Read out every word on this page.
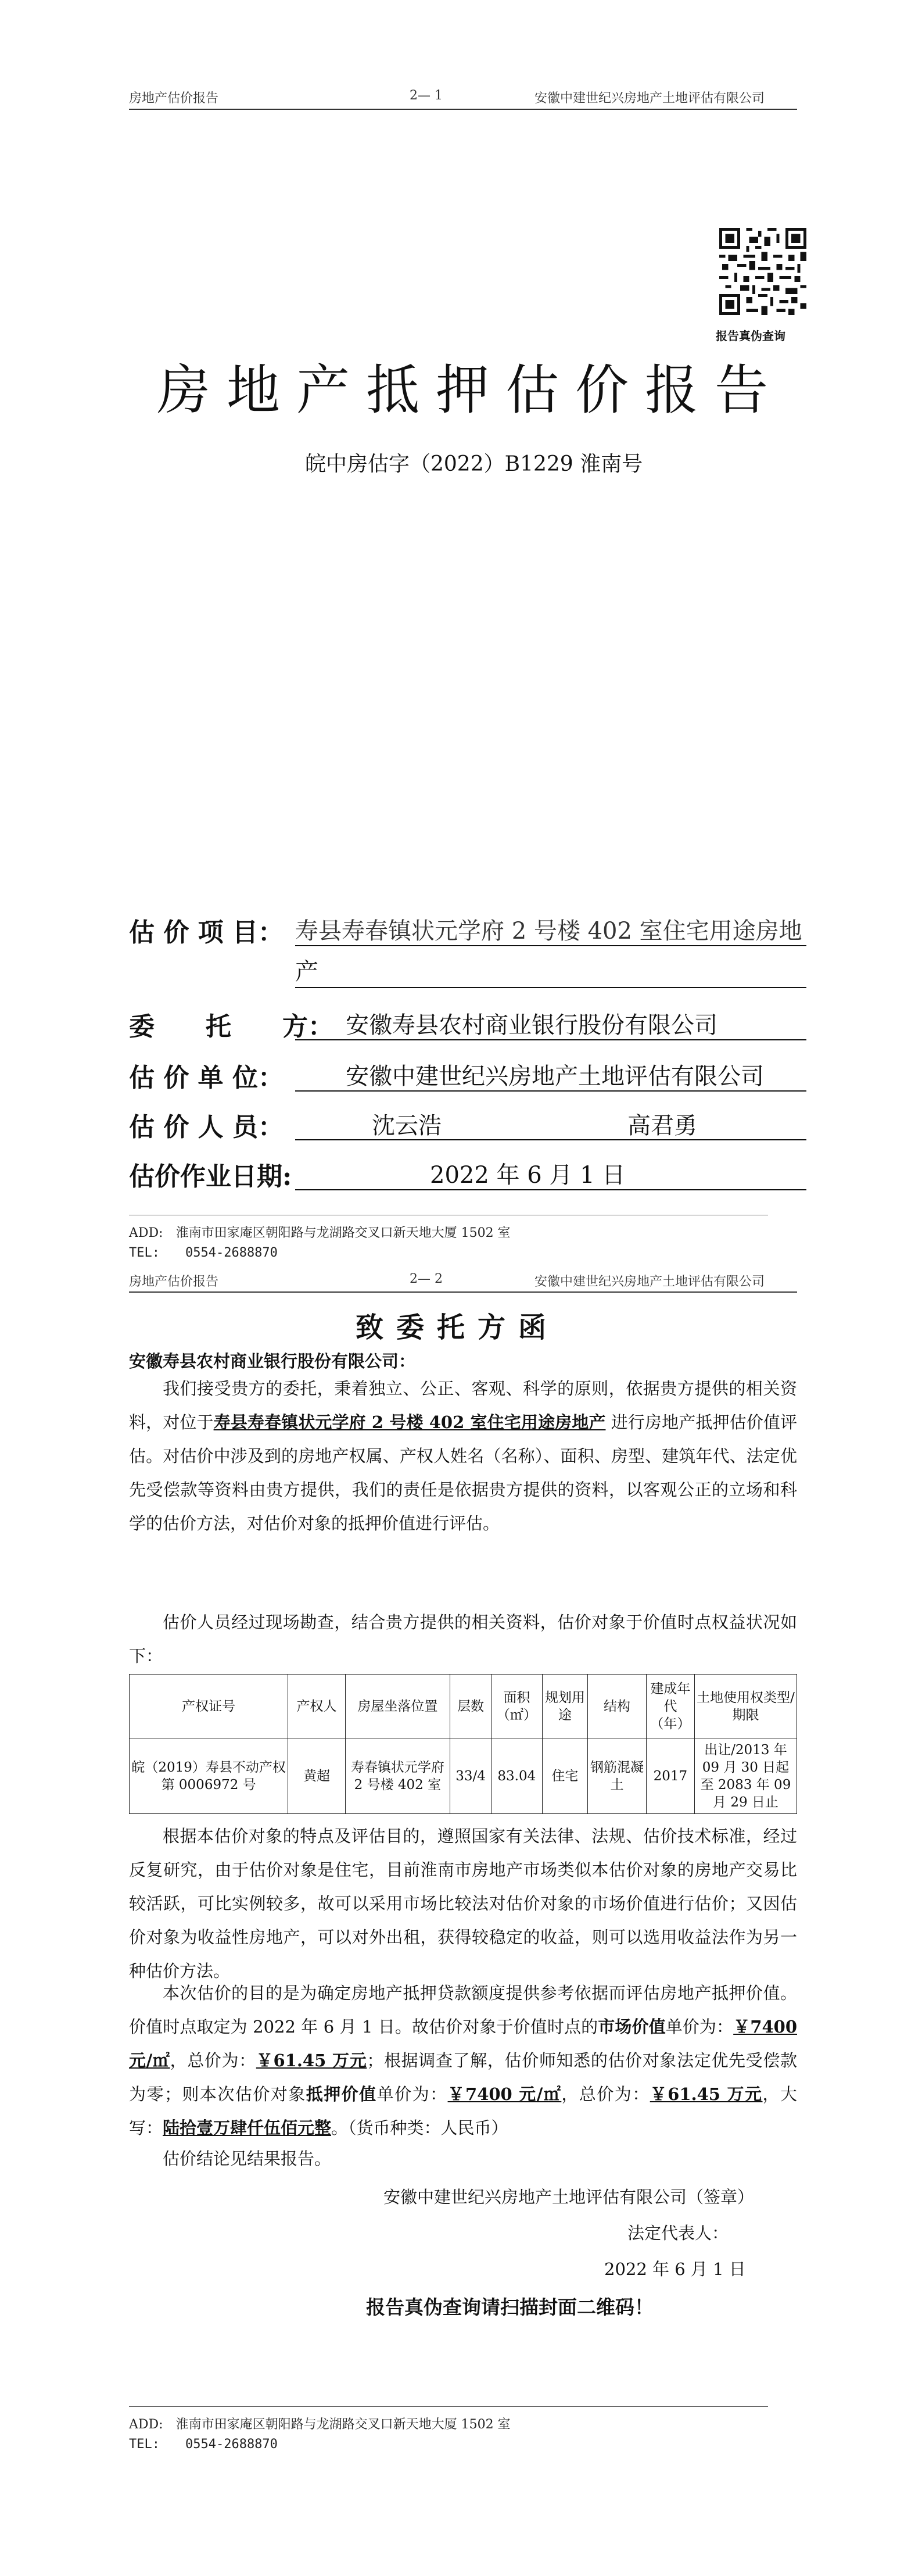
房地产估价报告	2— 1	安徽中建世纪兴房地产土地评估有限公司
报告真伪查询
房地产抵押估价报告
皖中房估字（2022）B1229 淮南号
估 价 项 目： 寿县寿春镇状元学府 2 号楼 402 室住宅用途房地
产
委　　托　　方： 安徽寿县农村商业银行股份有限公司
估 价 单 位：	安徽中建世纪兴房地产土地评估有限公司
估 价 人 员：	沈云浩	高君勇
估价作业日期:	2022 年 6 月 1 日
ADD:　淮南市田家庵区朝阳路与龙湖路交叉口新天地大厦 1502 室
TEL:　　0554-2688870
房地产估价报告	2— 2	安徽中建世纪兴房地产土地评估有限公司
致委托方函
安徽寿县农村商业银行股份有限公司：
我们接受贵方的委托，秉着独立、公正、客观、科学的原则，依据贵方提供的相关资料，对位于寿县寿春镇状元学府 2 号楼 402 室住宅用途房地产 进行房地产抵押估价值评估。对估价中涉及到的房地产权属、产权人姓名（名称）、面积、房型、建筑年代、法定优先受偿款等资料由贵方提供，我们的责任是依据贵方提供的资料，以客观公正的立场和科学的估价方法，对估价对象的抵押价值进行评估。
估价人员经过现场勘查，结合贵方提供的相关资料，估价对象于价值时点权益状况如下：
产权证号	产权人	房屋坐落位置	层数	面积（㎡）	规划用途	结构	建成年代（年）	土地使用权类型/期限
皖（2019）寿县不动产权第 0006972 号	黄超	寿春镇状元学府 2 号楼 402 室	33/4	83.04	住宅	钢筋混凝土	2017	出让/2013 年 09 月 30 日起至 2083 年 09 月 29 日止
根据本估价对象的特点及评估目的，遵照国家有关法律、法规、估价技术标准，经过反复研究，由于估价对象是住宅，目前淮南市房地产市场类似本估价对象的房地产交易比较活跃，可比实例较多，故可以采用市场比较法对估价对象的市场价值进行估价；又因估价对象为收益性房地产，可以对外出租，获得较稳定的收益，则可以选用收益法作为另一种估价方法。
本次估价的目的是为确定房地产抵押贷款额度提供参考依据而评估房地产抵押价值。价值时点取定为 2022 年 6 月 1 日。故估价对象于价值时点的市场价值单价为：￥7400 元/㎡，总价为：￥61.45 万元；根据调查了解，估价师知悉的估价对象法定优先受偿款为零；则本次估价对象抵押价值单价为：￥7400 元/㎡，总价为：￥61.45 万元，大写：陆拾壹万肆仟伍佰元整。（货币种类：人民币）
估价结论见结果报告。
安徽中建世纪兴房地产土地评估有限公司（签章）
法定代表人：
2022 年 6 月 1 日
报告真伪查询请扫描封面二维码！
ADD:　淮南市田家庵区朝阳路与龙湖路交叉口新天地大厦 1502 室
TEL:　　0554-2688870
